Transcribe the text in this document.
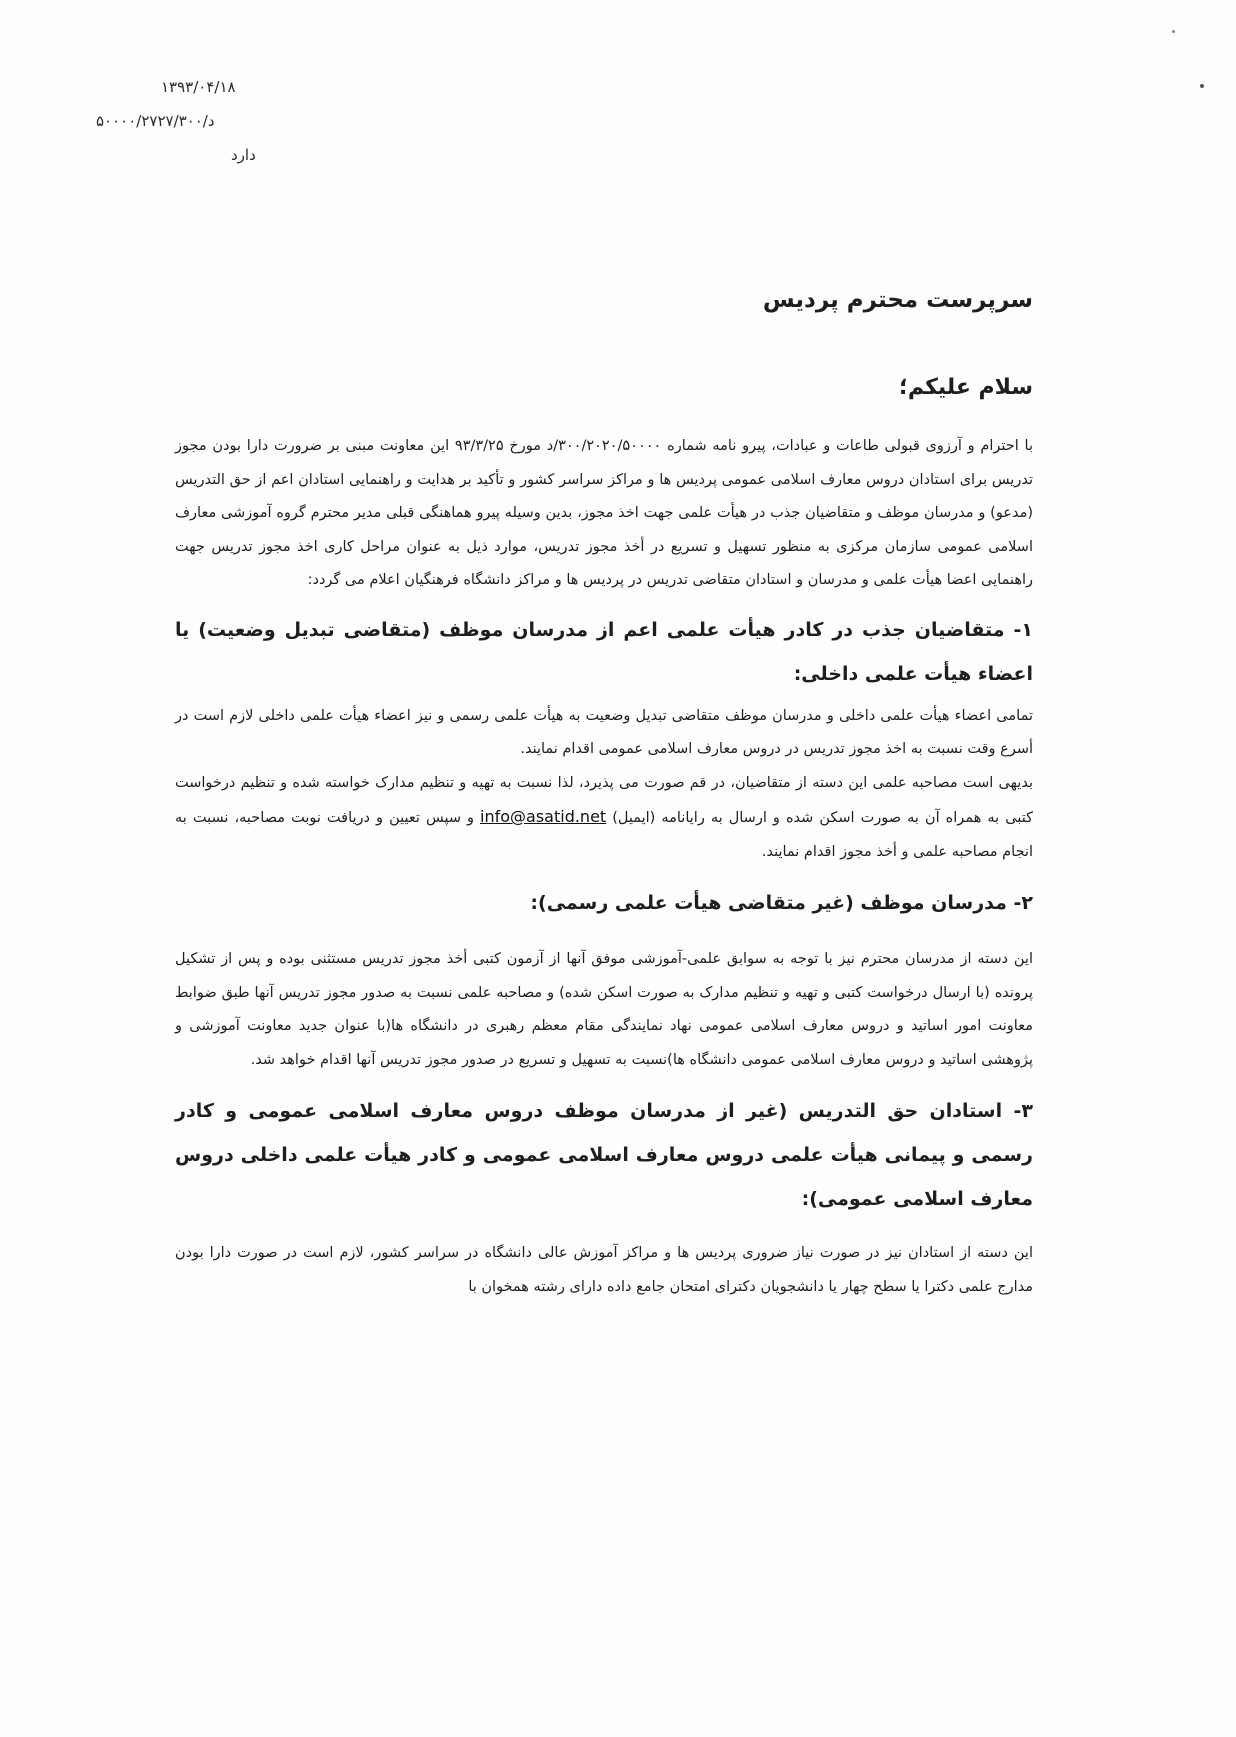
۱۳۹۳/۰۴/۱۸
د/۵۰۰۰۰/۲۷۲۷/۳۰۰
دارد
سرپرست محترم پردیس
سلام علیکم؛

با احترام و آرزوی قبولی طاعات و عبادات، پیرو نامه شماره ۳۰۰/۲۰۲۰/۵۰۰۰۰/د مورخ ۹۳/۳/۲۵ این معاونت مبنی بر ضرورت دارا بودن مجوز تدریس برای استادان دروس معارف اسلامی عمومی پردیس ها و مراکز سراسر کشور و تأکید بر هدایت و راهنمایی استادان اعم از حق التدریس (مدعو) و مدرسان موظف و متقاضیان جذب در هیأت علمی جهت اخذ مجوز، بدین وسیله پیرو هماهنگی قبلی مدیر محترم گروه آموزشی معارف اسلامی عمومی سازمان مرکزی به منظور تسهیل و تسریع در أخذ مجوز تدریس، موارد ذیل به عنوان مراحل کاری اخذ مجوز تدریس جهت راهنمایی اعضا هیأت علمی و مدرسان و استادان متقاضی تدریس در پردیس ها و مراکز دانشگاه فرهنگیان اعلام می گردد:

۱- متقاضیان جذب در کادر هیأت علمی اعم از مدرسان موظف (متقاضی تبدیل وضعیت) یا اعضاء هیأت علمی داخلی:

تمامی اعضاء هیأت علمی داخلی و مدرسان موظف متقاضی تبدیل وضعیت به هیأت علمی رسمی و نیز اعضاء هیأت علمی داخلی لازم است در أسرع وقت نسبت به اخذ مجوز تدریس در دروس معارف اسلامی عمومی اقدام نمایند.

بدیهی است مصاحبه علمی این دسته از متقاضیان، در قم صورت می پذیرد، لذا نسبت به تهیه و تنظیم مدارک خواسته شده و تنظیم درخواست کتبی به همراه آن به صورت اسکن شده و ارسال به رایانامه (ایمیل)info@asatid.netو سپس تعیین و دریافت نوبت مصاحبه، نسبت به انجام مصاحبه علمی و أخذ مجوز اقدام نمایند.

۲- مدرسان موظف (غیر متقاضی هیأت علمی رسمی):

این دسته از مدرسان محترم نیز با توجه به سوابق علمی-آموزشی موفق آنها از آزمون کتبی أخذ مجوز تدریس مستثنی بوده و پس از تشکیل پرونده (با ارسال درخواست کتبی و تهیه و تنظیم مدارک به صورت اسکن شده) و مصاحبه علمی نسبت به صدور مجوز تدریس آنها طبق ضوابط معاونت امور اساتید و دروس معارف اسلامی عمومی نهاد نمایندگی مقام معظم رهبری در دانشگاه ها(با عنوان جدید معاونت آموزشی و پژوهشی اساتید و دروس معارف اسلامی عمومی دانشگاه ها)نسبت به تسهیل و تسریع در صدور مجوز تدریس آنها اقدام خواهد شد.

۳- استادان حق التدریس (غیر از مدرسان موظف دروس معارف اسلامی عمومی و کادر رسمی و پیمانی هیأت علمی دروس معارف اسلامی عمومی و کادر هیأت علمی داخلی دروس معارف اسلامی عمومی):

این دسته از استادان نیز در صورت نیاز ضروری پردیس ها و مراکز آموزش عالی دانشگاه در سراسر کشور، لازم است در صورت دارا بودن مدارج علمی دکترا یا سطح چهار یا دانشجویان دکترای امتحان جامع داده دارای رشته همخوان با
